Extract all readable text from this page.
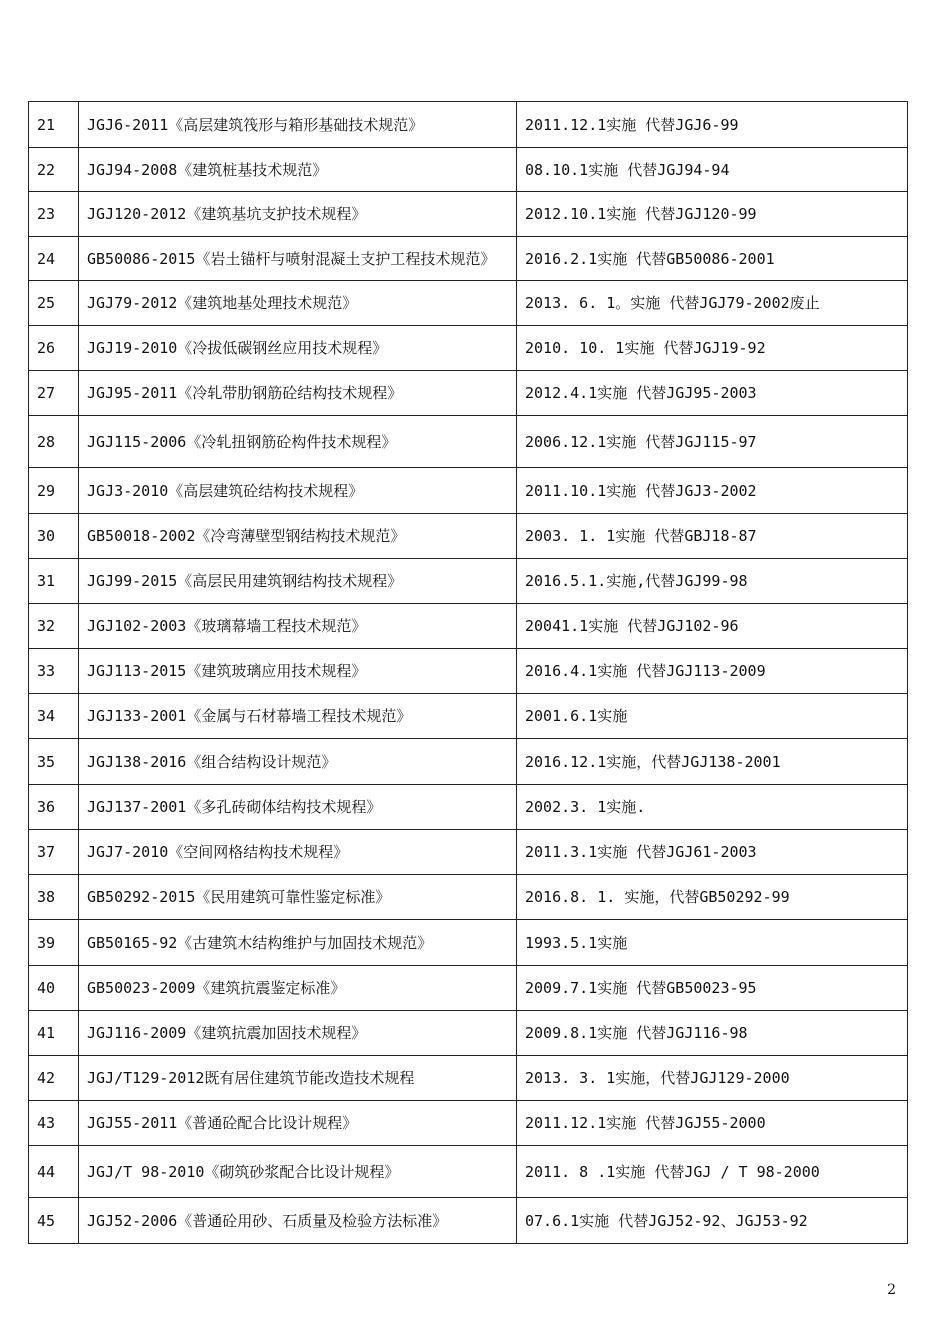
21	JGJ6-2011《高层建筑筏形与箱形基础技术规范》	2011.12.1实施 代替JGJ6-99
22	JGJ94-2008《建筑桩基技术规范》	08.10.1实施 代替JGJ94-94
23	JGJ120-2012《建筑基坑支护技术规程》	2012.10.1实施 代替JGJ120-99
24	GB50086-2015《岩土锚杆与喷射混凝土支护工程技术规范》	2016.2.1实施 代替GB50086-2001
25	JGJ79-2012《建筑地基处理技术规范》	2013. 6. 1。实施 代替JGJ79-2002废止
26	JGJ19-2010《冷拔低碳钢丝应用技术规程》	2010. 10. 1实施 代替JGJ19-92
27	JGJ95-2011《冷轧带肋钢筋砼结构技术规程》	2012.4.1实施 代替JGJ95-2003
28	JGJ115-2006《冷轧扭钢筋砼构件技术规程》	2006.12.1实施 代替JGJ115-97
29	JGJ3-2010《高层建筑砼结构技术规程》	2011.10.1实施 代替JGJ3-2002
30	GB50018-2002《冷弯薄壁型钢结构技术规范》	2003. 1. 1实施 代替GBJ18-87
31	JGJ99-2015《高层民用建筑钢结构技术规程》	2016.5.1.实施,代替JGJ99-98
32	JGJ102-2003《玻璃幕墙工程技术规范》	20041.1实施 代替JGJ102-96
33	JGJ113-2015《建筑玻璃应用技术规程》	2016.4.1实施 代替JGJ113-2009
34	JGJ133-2001《金属与石材幕墙工程技术规范》	2001.6.1实施
35	JGJ138-2016《组合结构设计规范》	2016.12.1实施，代替JGJ138-2001
36	JGJ137-2001《多孔砖砌体结构技术规程》	2002.3. 1实施.
37	JGJ7-2010《空间网格结构技术规程》	2011.3.1实施 代替JGJ61-2003
38	GB50292-2015《民用建筑可靠性鉴定标准》	2016.8. 1. 实施，代替GB50292-99
39	GB50165-92《古建筑木结构维护与加固技术规范》	1993.5.1实施
40	GB50023-2009《建筑抗震鉴定标准》	2009.7.1实施 代替GB50023-95
41	JGJ116-2009《建筑抗震加固技术规程》	2009.8.1实施 代替JGJ116-98
42	JGJ/T129-2012既有居住建筑节能改造技术规程	2013. 3. 1实施，代替JGJ129-2000
43	JGJ55-2011《普通砼配合比设计规程》	2011.12.1实施 代替JGJ55-2000
44	JGJ/T 98-2010《砌筑砂浆配合比设计规程》	2011. 8 .1实施 代替JGJ / T 98-2000
45	JGJ52-2006《普通砼用砂、石质量及检验方法标准》	07.6.1实施 代替JGJ52-92、JGJ53-92
2
